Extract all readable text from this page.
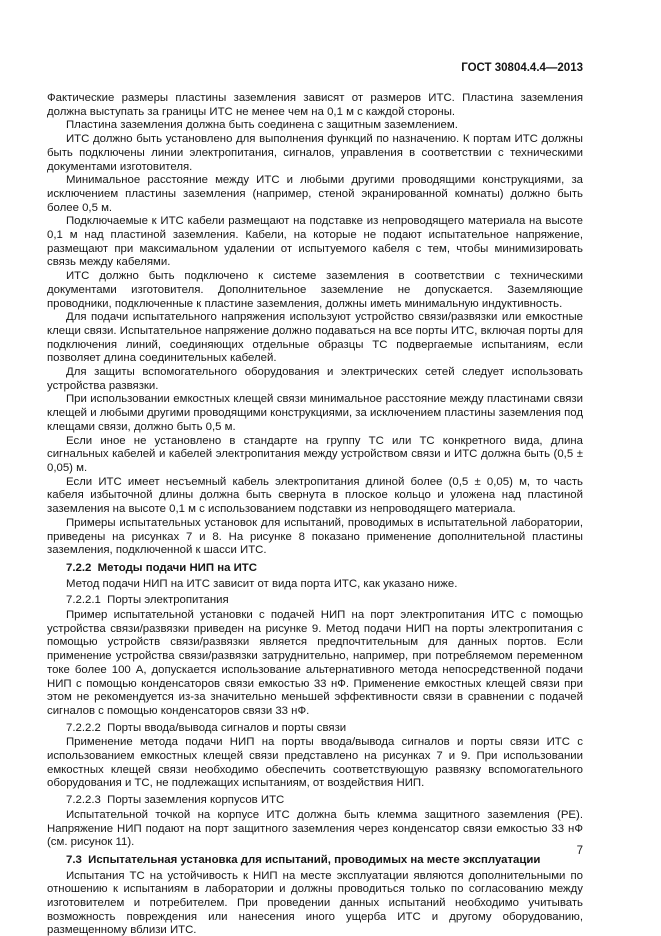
ГОСТ 30804.4.4—2013

Фактические размеры пластины заземления зависят от размеров ИТС. Пластина заземления должна выступать за границы ИТС не менее чем на 0,1 м с каждой стороны.

Пластина заземления должна быть соединена с защитным заземлением.

ИТС должно быть установлено для выполнения функций по назначению. К портам ИТС должны быть подключены линии электропитания, сигналов, управления в соответствии с техническими документами изготовителя.

Минимальное расстояние между ИТС и любыми другими проводящими конструкциями, за исключением пластины заземления (например, стеной экранированной комнаты) должно быть более 0,5 м.

Подключаемые к ИТС кабели размещают на подставке из непроводящего материала на высоте 0,1 м над пластиной заземления. Кабели, на которые не подают испытательное напряжение, размещают при максимальном удалении от испытуемого кабеля с тем, чтобы минимизировать связь между кабелями.

ИТС должно быть подключено к системе заземления в соответствии с техническими документами изготовителя. Дополнительное заземление не допускается. Заземляющие проводники, подключенные к пластине заземления, должны иметь минимальную индуктивность.

Для подачи испытательного напряжения используют устройство связи/развязки или емкостные клещи связи. Испытательное напряжение должно подаваться на все порты ИТС, включая порты для подключения линий, соединяющих отдельные образцы ТС подвергаемые испытаниям, если позволяет длина соединительных кабелей.

Для защиты вспомогательного оборудования и электрических сетей следует использовать устройства развязки.

При использовании емкостных клещей связи минимальное расстояние между пластинами связи клещей и любыми другими проводящими конструкциями, за исключением пластины заземления под клещами связи, должно быть 0,5 м.

Если иное не установлено в стандарте на группу ТС или ТС конкретного вида, длина сигнальных кабелей и кабелей электропитания между устройством связи и ИТС должна быть (0,5 ± 0,05) м.

Если ИТС имеет несъемный кабель электропитания длиной более (0,5 ± 0,05) м, то часть кабеля избыточной длины должна быть свернута в плоское кольцо и уложена над пластиной заземления на высоте 0,1 м с использованием подставки из непроводящего материала.

Примеры испытательных установок для испытаний, проводимых в испытательной лаборатории, приведены на рисунках 7 и 8. На рисунке 8 показано применение дополнительной пластины заземления, подключенной к шасси ИТС.

7.2.2  Методы подачи НИП на ИТС

Метод подачи НИП на ИТС зависит от вида порта ИТС, как указано ниже.

7.2.2.1  Порты электропитания

Пример испытательной установки с подачей НИП на порт электропитания ИТС с помощью устройства связи/развязки приведен на рисунке 9. Метод подачи НИП на порты электропитания с помощью устройств связи/развязки является предпочтительным для данных портов. Если применение устройства связи/развязки затруднительно, например, при потребляемом переменном токе более 100 А, допускается использование альтернативного метода непосредственной подачи НИП с помощью конденсаторов связи емкостью 33 нФ. Применение емкостных клещей связи при этом не рекомендуется из-за значительно меньшей эффективности связи в сравнении с подачей сигналов с помощью конденсаторов связи 33 нФ.

7.2.2.2  Порты ввода/вывода сигналов и порты связи

Применение метода подачи НИП на порты ввода/вывода сигналов и порты связи ИТС с использованием емкостных клещей связи представлено на рисунках 7 и 9. При использовании емкостных клещей связи необходимо обеспечить соответствующую развязку вспомогательного оборудования и ТС, не подлежащих испытаниям, от воздействия НИП.

7.2.2.3  Порты заземления корпусов ИТС

Испытательной точкой на корпусе ИТС должна быть клемма защитного заземления (PE). Напряжение НИП подают на порт защитного заземления через конденсатор связи емкостью 33 нФ (см. рисунок 11).

7.3  Испытательная установка для испытаний, проводимых на месте эксплуатации

Испытания ТС на устойчивость к НИП на месте эксплуатации являются дополнительными по отношению к испытаниям в лаборатории и должны проводиться только по согласованию между изготовителем и потребителем. При проведении данных испытаний необходимо учитывать возможность повреждения или нанесения иного ущерба ИТС и другому оборудованию, размещенному вблизи ИТС.

7
